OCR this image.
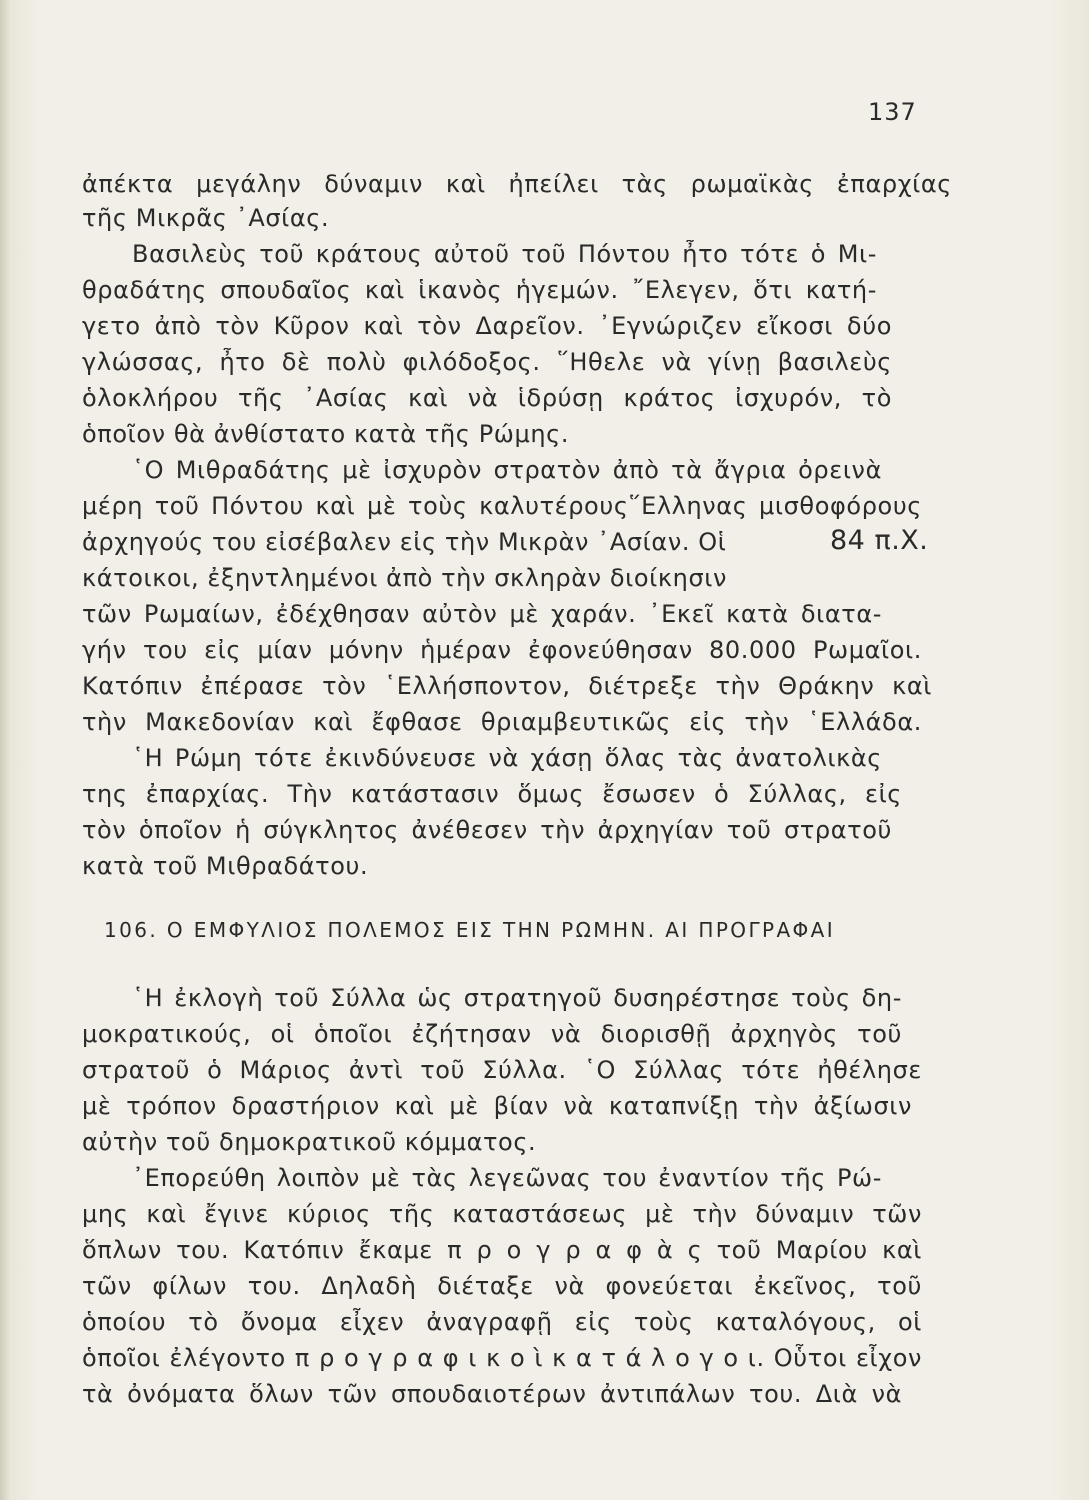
137
ἀπέκτα μεγάλην δύναμιν καὶ ἠπείλει τὰς ρωμαϊκὰς ἐπαρχίας
τῆς Μικρᾶς ᾿Ασίας.
Βασιλεὺς τοῦ κράτους αὐτοῦ τοῦ Πόντου ἦτο τότε ὁ Μι-
θραδάτης σπουδαῖος καὶ ἱκανὸς ἡγεμών. ῎Ελεγεν, ὅτι κατή-
γετο ἀπὸ τὸν Κῦρον καὶ τὸν Δαρεῖον. ᾿Εγνώριζεν εἴκοσι δύο
γλώσσας, ἦτο δὲ πολὺ φιλόδοξος. ῞Ηθελε νὰ γίνῃ βασιλεὺς
ὁλοκλήρου τῆς ᾿Ασίας καὶ νὰ ἱδρύσῃ κράτος ἰσχυρόν, τὸ
ὁποῖον θὰ ἀνθίστατο κατὰ τῆς Ρώμης.
῾Ο Μιθραδάτης μὲ ἰσχυρὸν στρατὸν ἀπὸ τὰ ἄγρια ὀρεινὰ
μέρη τοῦ Πόντου καὶ μὲ τοὺς καλυτέρους῞Ελληνας μισθοφόρους
ἀρχηγούς του εἰσέβαλεν εἰς τὴν Μικρὰν ᾿Ασίαν. Οἱ
κάτοικοι, ἐξηντλημένοι ἀπὸ τὴν σκληρὰν διοίκησιν
τῶν Ρωμαίων, ἐδέχθησαν αὐτὸν μὲ χαράν. ᾿Εκεῖ κατὰ διατα-
γήν του εἰς μίαν μόνην ἡμέραν ἐφονεύθησαν 80.000 Ρωμαῖοι.
Κατόπιν ἐπέρασε τὸν ῾Ελλήσποντον, διέτρεξε τὴν Θράκην καὶ
τὴν Μακεδονίαν καὶ ἔφθασε θριαμβευτικῶς εἰς τὴν ῾Ελλάδα.
῾Η Ρώμη τότε ἐκινδύνευσε νὰ χάσῃ ὅλας τὰς ἀνατολικὰς
της ἐπαρχίας. Τὴν κατάστασιν ὅμως ἔσωσεν ὁ Σύλλας, εἰς
τὸν ὁποῖον ἡ σύγκλητος ἀνέθεσεν τὴν ἀρχηγίαν τοῦ στρατοῦ
κατὰ τοῦ Μιθραδάτου.
84 π.Χ.
106. Ο ΕΜΦΥΛΙΟΣ ΠΟΛΕΜΟΣ ΕΙΣ ΤΗΝ ΡΩΜΗΝ. ΑΙ ΠΡΟΓΡΑΦΑΙ
῾Η ἐκλογὴ τοῦ Σύλλα ὡς στρατηγοῦ δυσηρέστησε τοὺς δη-
μοκρατικούς, οἱ ὁποῖοι ἐζήτησαν νὰ διορισθῇ ἀρχηγὸς τοῦ
στρατοῦ ὁ Μάριος ἀντὶ τοῦ Σύλλα. ῾Ο Σύλλας τότε ἠθέλησε
μὲ τρόπον δραστήριον καὶ μὲ βίαν νὰ καταπνίξῃ τὴν ἀξίωσιν
αὐτὴν τοῦ δημοκρατικοῦ κόμματος.
᾿Επορεύθη λοιπὸν μὲ τὰς λεγεῶνας του ἐναντίον τῆς Ρώ-
μης καὶ ἔγινε κύριος τῆς καταστάσεως μὲ τὴν δύναμιν τῶν
ὅπλων του. Κατόπιν ἔκαμε π ρ ο γ ρ α φ ὰ ς τοῦ Μαρίου καὶ
τῶν φίλων του. Δηλαδὴ διέταξε νὰ φονεύεται ἐκεῖνος, τοῦ
ὁποίου τὸ ὄνομα εἶχεν ἀναγραφῇ εἰς τοὺς καταλόγους, οἱ
ὁποῖοι ἐλέγοντο π ρ ο γ ρ α φ ι κ ο ὶ κ α τ ά λ ο γ ο ι. Οὗτοι εἶχον
τὰ ὀνόματα ὅλων τῶν σπουδαιοτέρων ἀντιπάλων του. Διὰ νὰ
